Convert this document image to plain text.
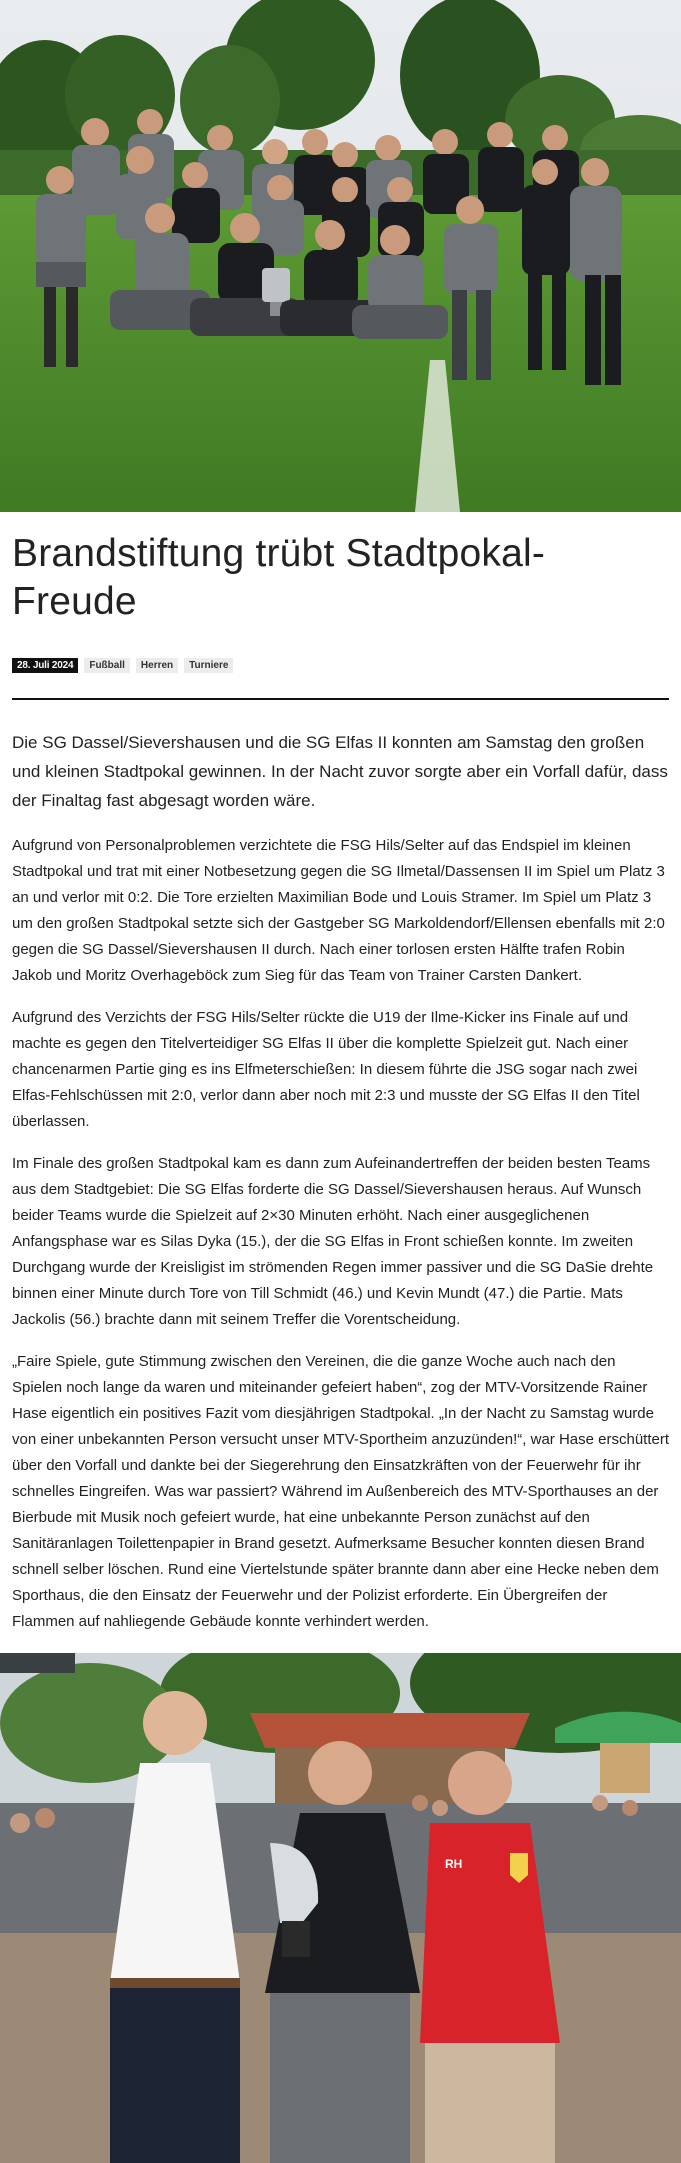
Brandstiftung trübt Stadtpokal-Freude
28. Juli 2024	Fußball	Herren	Turniere

Die SG Dassel/Sievershausen und die SG Elfas II konnten am Samstag den großen und kleinen Stadtpokal gewinnen. In der Nacht zuvor sorgte aber ein Vorfall dafür, dass der Finaltag fast abgesagt worden wäre.

Aufgrund von Personalproblemen verzichtete die FSG Hils/Selter auf das Endspiel im kleinen Stadtpokal und trat mit einer Notbesetzung gegen die SG Ilmetal/Dassensen II im Spiel um Platz 3 an und verlor mit 0:2. Die Tore erzielten Maximilian Bode und Louis Stramer. Im Spiel um Platz 3 um den großen Stadtpokal setzte sich der Gastgeber SG Markoldendorf/Ellensen ebenfalls mit 2:0 gegen die SG Dassel/Sievershausen II durch. Nach einer torlosen ersten Hälfte trafen Robin Jakob und Moritz Overhageböck zum Sieg für das Team von Trainer Carsten Dankert.

Aufgrund des Verzichts der FSG Hils/Selter rückte die U19 der Ilme-Kicker ins Finale auf und machte es gegen den Titelverteidiger SG Elfas II über die komplette Spielzeit gut. Nach einer chancenarmen Partie ging es ins Elfmeterschießen: In diesem führte die JSG sogar nach zwei Elfas-Fehlschüssen mit 2:0, verlor dann aber noch mit 2:3 und musste der SG Elfas II den Titel überlassen.

Im Finale des großen Stadtpokal kam es dann zum Aufeinandertreffen der beiden besten Teams aus dem Stadtgebiet: Die SG Elfas forderte die SG Dassel/Sievershausen heraus. Auf Wunsch beider Teams wurde die Spielzeit auf 2×30 Minuten erhöht. Nach einer ausgeglichenen Anfangsphase war es Silas Dyka (15.), der die SG Elfas in Front schießen konnte. Im zweiten Durchgang wurde der Kreisligist im strömenden Regen immer passiver und die SG DaSie drehte binnen einer Minute durch Tore von Till Schmidt (46.) und Kevin Mundt (47.) die Partie. Mats Jackolis (56.) brachte dann mit seinem Treffer die Vorentscheidung.

„Faire Spiele, gute Stimmung zwischen den Vereinen, die die ganze Woche auch nach den Spielen noch lange da waren und miteinander gefeiert haben“, zog der MTV-Vorsitzende Rainer Hase eigentlich ein positives Fazit vom diesjährigen Stadtpokal. „In der Nacht zu Samstag wurde von einer unbekannten Person versucht unser MTV-Sportheim anzuzünden!“, war Hase erschüttert über den Vorfall und dankte bei der Siegerehrung den Einsatzkräften von der Feuerwehr für ihr schnelles Eingreifen. Was war passiert? Während im Außenbereich des MTV-Sporthauses an der Bierbude mit Musik noch gefeiert wurde, hat eine unbekannte Person zunächst auf den Sanitäranlagen Toilettenpapier in Brand gesetzt. Aufmerksame Besucher konnten diesen Brand schnell selber löschen. Rund eine Viertelstunde später brannte dann aber eine Hecke neben dem Sporthaus, die den Einsatz der Feuerwehr und der Polizist erforderte. Ein Übergreifen der Flammen auf nahliegende Gebäude konnte verhindert werden.

RH
